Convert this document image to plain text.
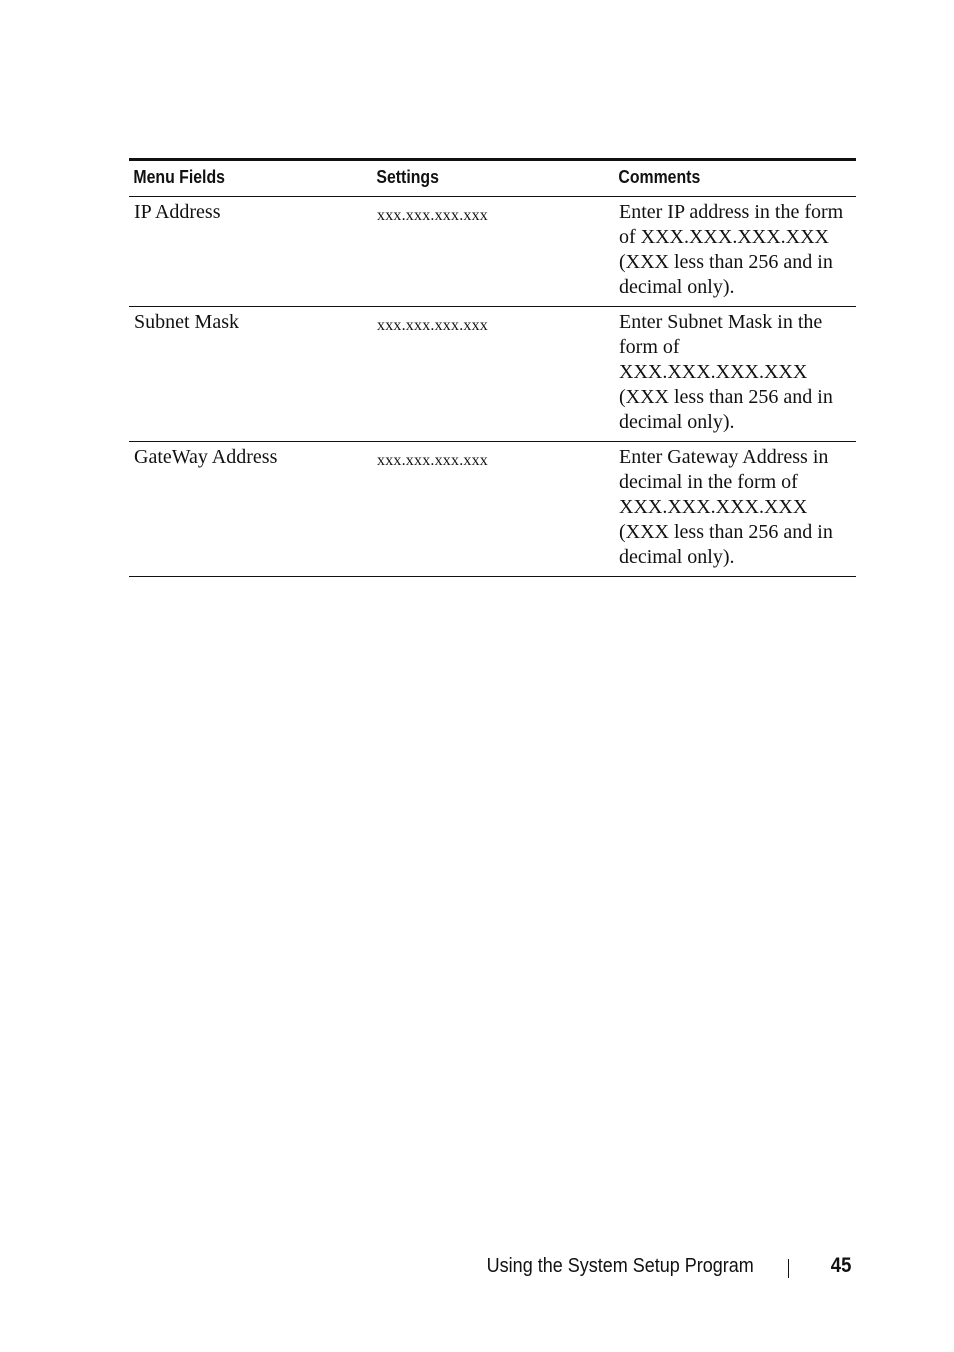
Menu Fields	Settings	Comments
IP Address	xxx.xxx.xxx.xxx	Enter IP address in the form of XXX.XXX.XXX.XXX (XXX less than 256 and in decimal only).
Subnet Mask	xxx.xxx.xxx.xxx	Enter Subnet Mask in the form of XXX.XXX.XXX.XXX (XXX less than 256 and in decimal only).
GateWay Address	xxx.xxx.xxx.xxx	Enter Gateway Address in decimal in the form of XXX.XXX.XXX.XXX (XXX less than 256 and in decimal only).
Using the System Setup Program	45
